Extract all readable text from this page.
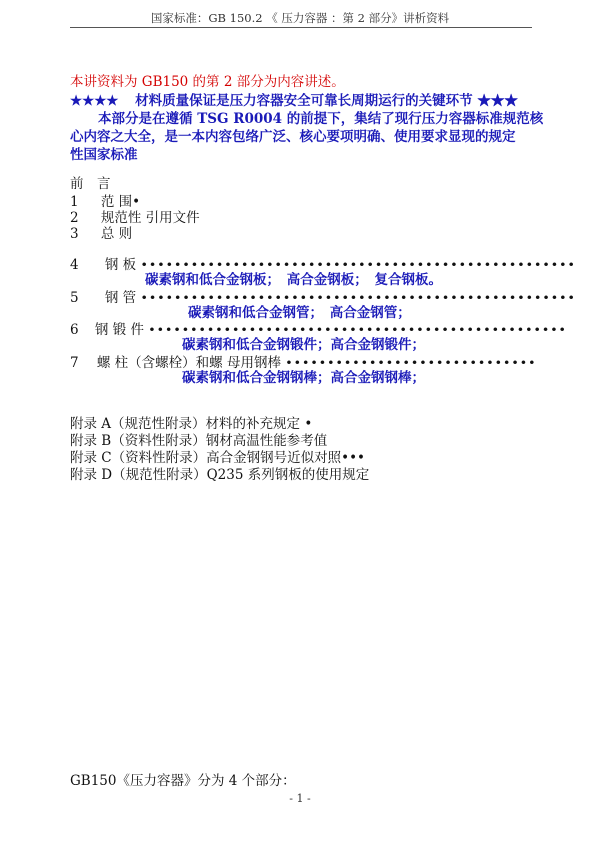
国家标准：GB 150.2 《 压力容器 ：第 2 部分》讲析资料
本讲资料为 GB150 的第 2 部分为内容讲述。
★★★★ 材料质量保证是压力容器安全可靠长周期运行的关键环节 ★★★
本部分是在遵循 TSG R0004 的前提下，集结了现行压力容器标准规范核
心内容之大全，是一本内容包络广泛、核心要项明确、使用要求显现的规定
性国家标准
前　言
1 范 围•
2 规范性 引用文件
3 总 则
4 钢 板 ••••••••••••••••••••••••••••••••••••••••••••••••••••
碳素钢和低合金钢板；　高合金钢板；　复合钢板。
5 钢 管 ••••••••••••••••••••••••••••••••••••••••••••••••••••
碳素钢和低合金钢管；　高合金钢管；
6 钢 锻 件 ••••••••••••••••••••••••••••••••••••••••••••••••••
碳素钢和低合金钢锻件；高合金钢锻件；
7 螺 柱（含螺栓）和螺 母用钢棒 ••••••••••••••••••••••••••••••
碳素钢和低合金钢钢棒；高合金钢钢棒；
附录 A（规范性附录）材料的补充规定 •
附录 B（资料性附录）钢材高温性能参考值
附录 C（资料性附录）高合金钢钢号近似对照•••
附录 D（规范性附录）Q235 系列钢板的使用规定
GB150《压力容器》分为 4 个部分：
- 1 -
